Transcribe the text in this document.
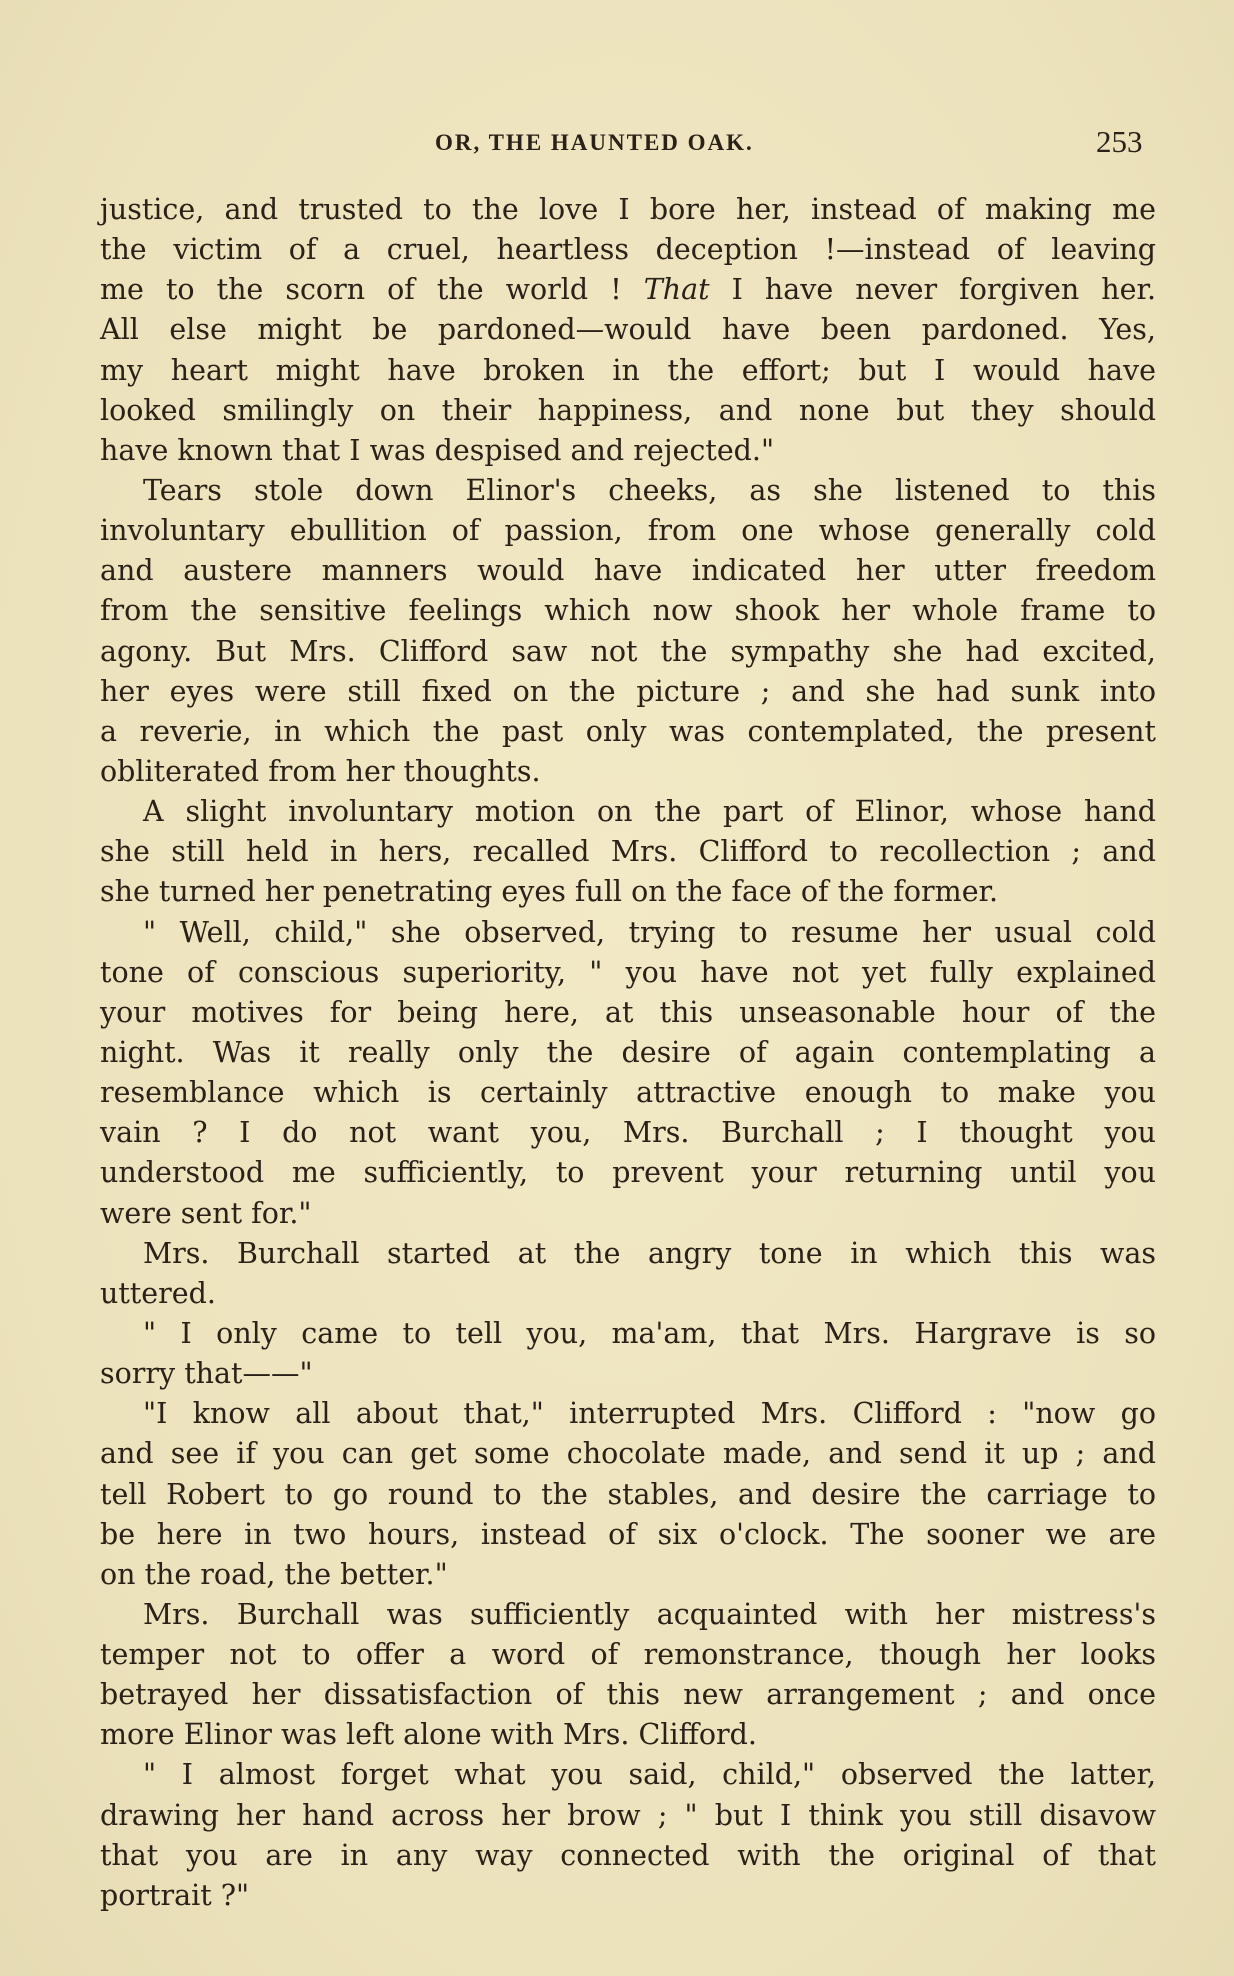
OR, THE HAUNTED OAK.	253
justice, and trusted to the love I bore her, instead of making me
the victim of a cruel, heartless deception !—instead of leaving
me to the scorn of the world ! That I have never forgiven her.
All else might be pardoned—would have been pardoned. Yes,
my heart might have broken in the effort; but I would have
looked smilingly on their happiness, and none but they should
have known that I was despised and rejected."
Tears stole down Elinor's cheeks, as she listened to this
involuntary ebullition of passion, from one whose generally cold
and austere manners would have indicated her utter freedom
from the sensitive feelings which now shook her whole frame to
agony. But Mrs. Clifford saw not the sympathy she had excited,
her eyes were still fixed on the picture ; and she had sunk into
a reverie, in which the past only was contemplated, the present
obliterated from her thoughts.
A slight involuntary motion on the part of Elinor, whose hand
she still held in hers, recalled Mrs. Clifford to recollection ; and
she turned her penetrating eyes full on the face of the former.
" Well, child," she observed, trying to resume her usual cold
tone of conscious superiority, " you have not yet fully explained
your motives for being here, at this unseasonable hour of the
night. Was it really only the desire of again contemplating a
resemblance which is certainly attractive enough to make you
vain ? I do not want you, Mrs. Burchall ; I thought you
understood me sufficiently, to prevent your returning until you
were sent for."
Mrs. Burchall started at the angry tone in which this was
uttered.
" I only came to tell you, ma'am, that Mrs. Hargrave is so
sorry that——"
"I know all about that," interrupted Mrs. Clifford : "now go
and see if you can get some chocolate made, and send it up ; and
tell Robert to go round to the stables, and desire the carriage to
be here in two hours, instead of six o'clock. The sooner we are
on the road, the better."
Mrs. Burchall was sufficiently acquainted with her mistress's
temper not to offer a word of remonstrance, though her looks
betrayed her dissatisfaction of this new arrangement ; and once
more Elinor was left alone with Mrs. Clifford.
" I almost forget what you said, child," observed the latter,
drawing her hand across her brow ; " but I think you still disavow
that you are in any way connected with the original of that
portrait ?"
